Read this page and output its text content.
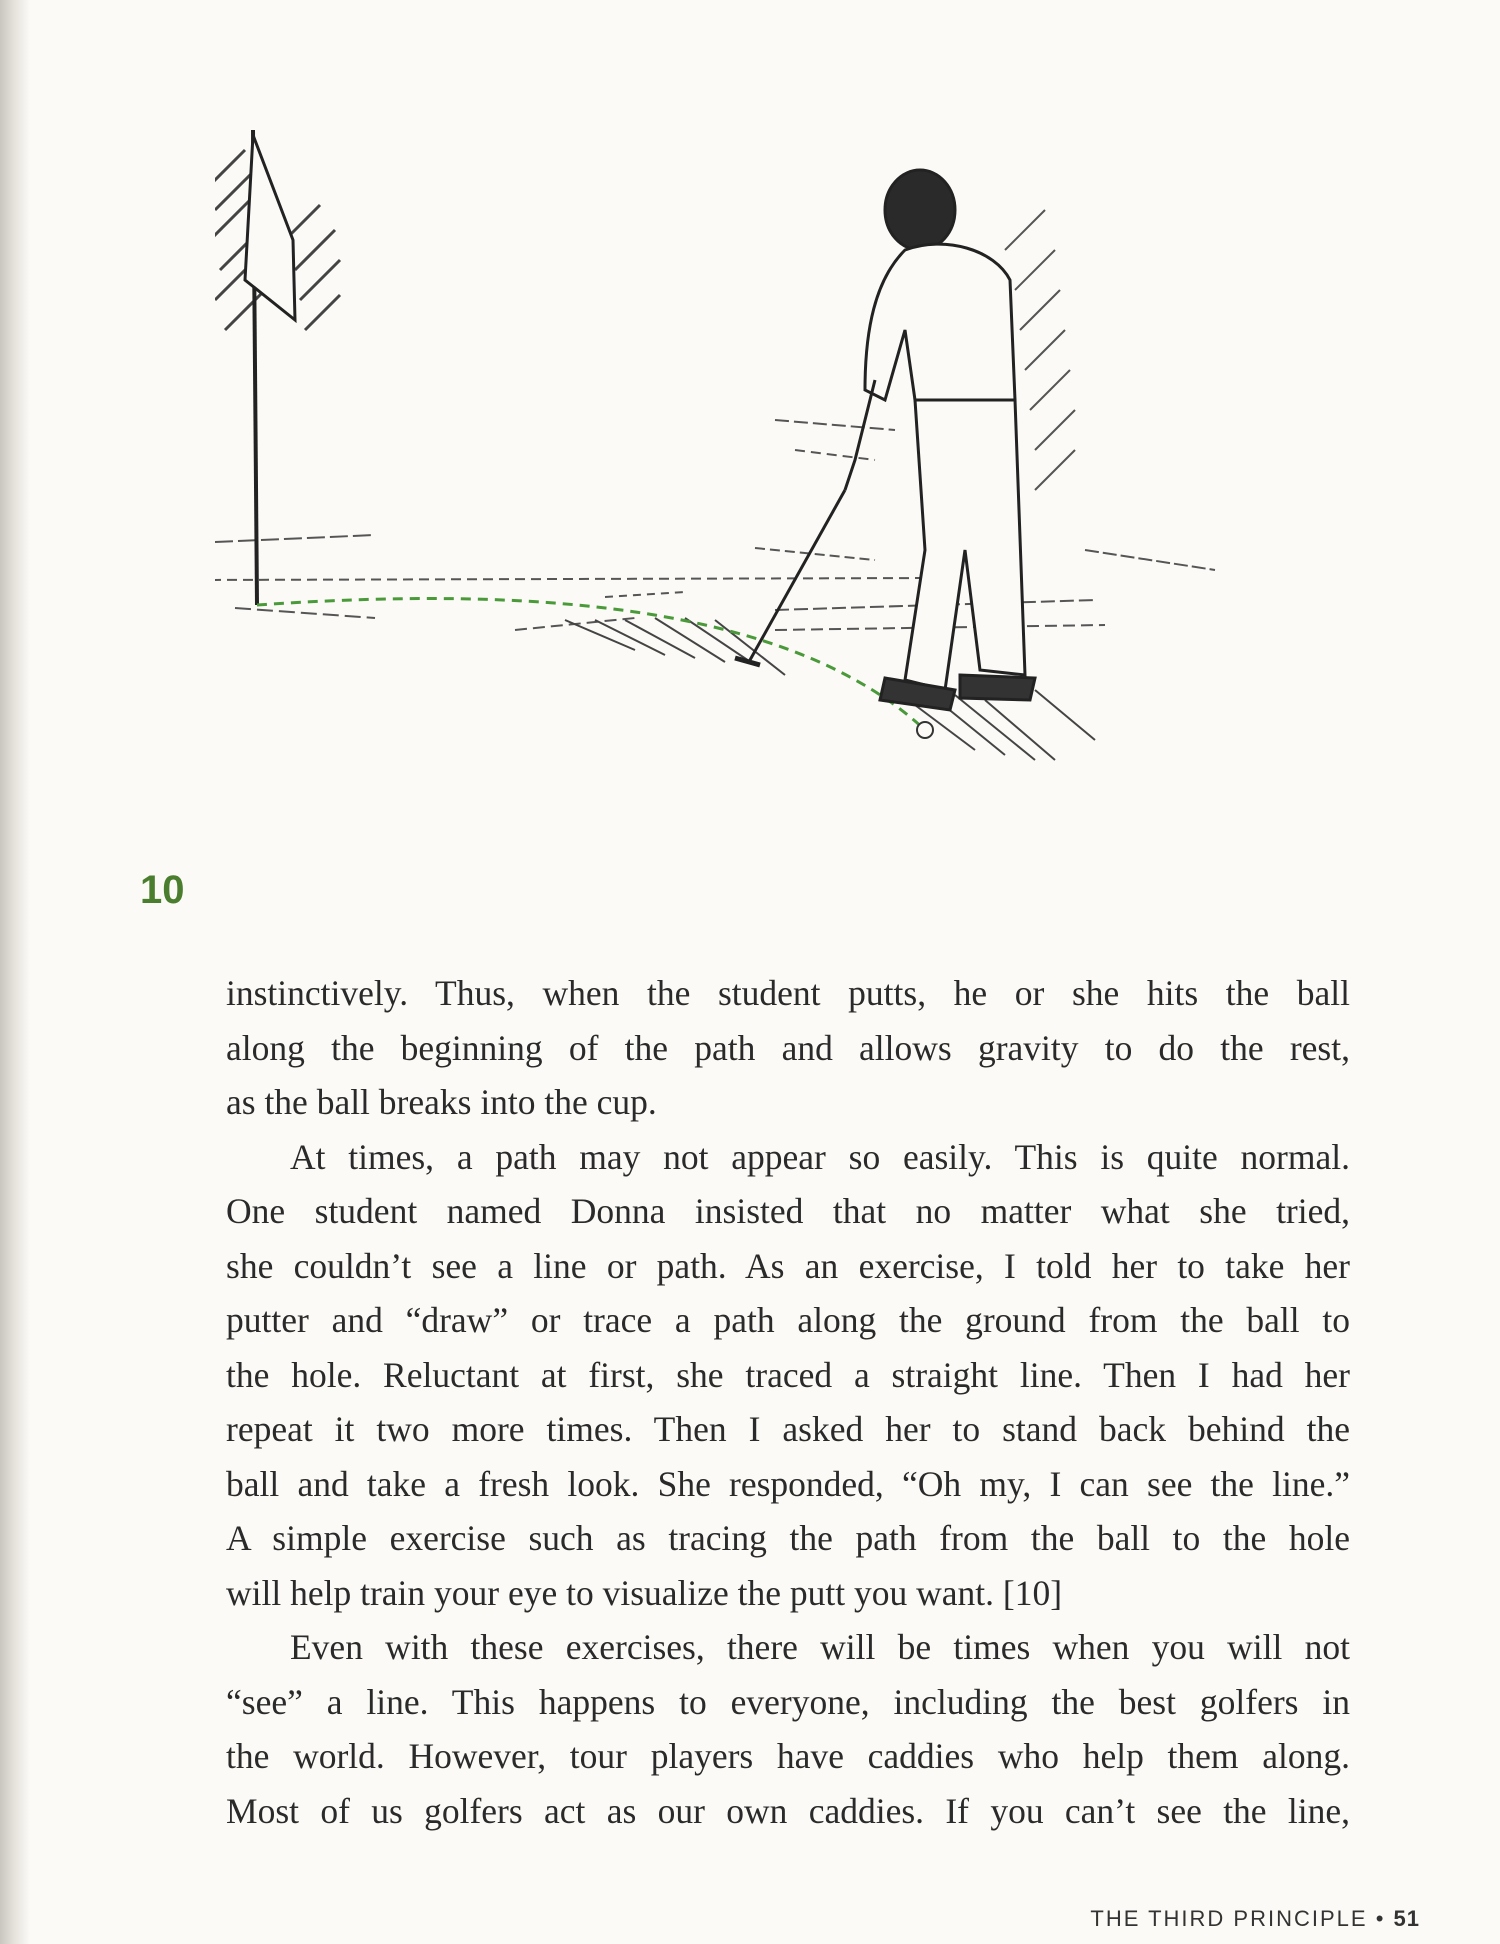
10
instinctively. Thus, when the student putts, he or she hits the ball
along the beginning of the path and allows gravity to do the rest,
as the ball breaks into the cup.
At times, a path may not appear so easily. This is quite normal.
One student named Donna insisted that no matter what she tried,
she couldn’t see a line or path. As an exercise, I told her to take her
putter and “draw” or trace a path along the ground from the ball to
the hole. Reluctant at first, she traced a straight line. Then I had her
repeat it two more times. Then I asked her to stand back behind the
ball and take a fresh look. She responded, “Oh my, I can see the line.”
A simple exercise such as tracing the path from the ball to the hole
will help train your eye to visualize the putt you want. [10]
Even with these exercises, there will be times when you will not
“see” a line. This happens to everyone, including the best golfers in
the world. However, tour players have caddies who help them along.
Most of us golfers act as our own caddies. If you can’t see the line,
THE THIRD PRINCIPLE • 51
